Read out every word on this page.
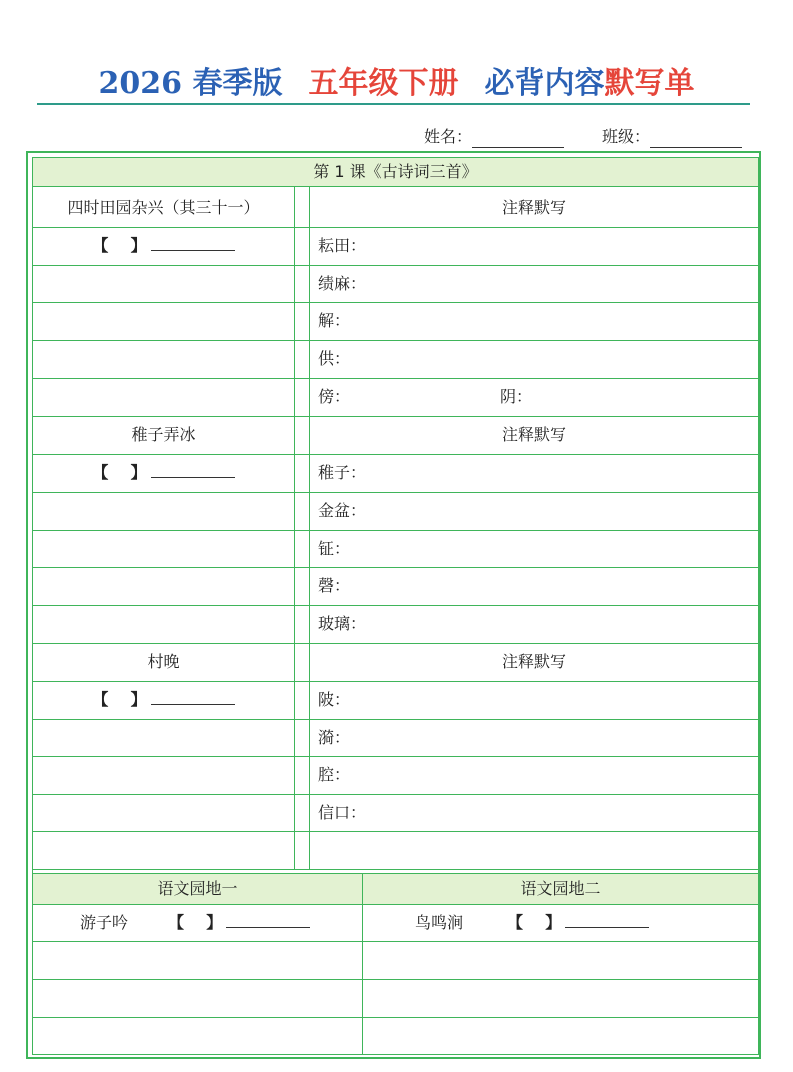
2026 春季版 五年级下册 必背内容默写单
姓名：	班级：
第 1 课《古诗词三首》
四时田园杂兴（其三十一）	注释默写
【    】	耘田：
绩麻：
解：
供：
傍：	阴：
稚子弄冰	注释默写
【    】	稚子：
金盆：
钲：
磬：
玻璃：
村晚	注释默写
【    】	陂：
漪：
腔：
信口：
语文园地一	语文园地二
游子吟	【    】	鸟鸣涧	【    】
